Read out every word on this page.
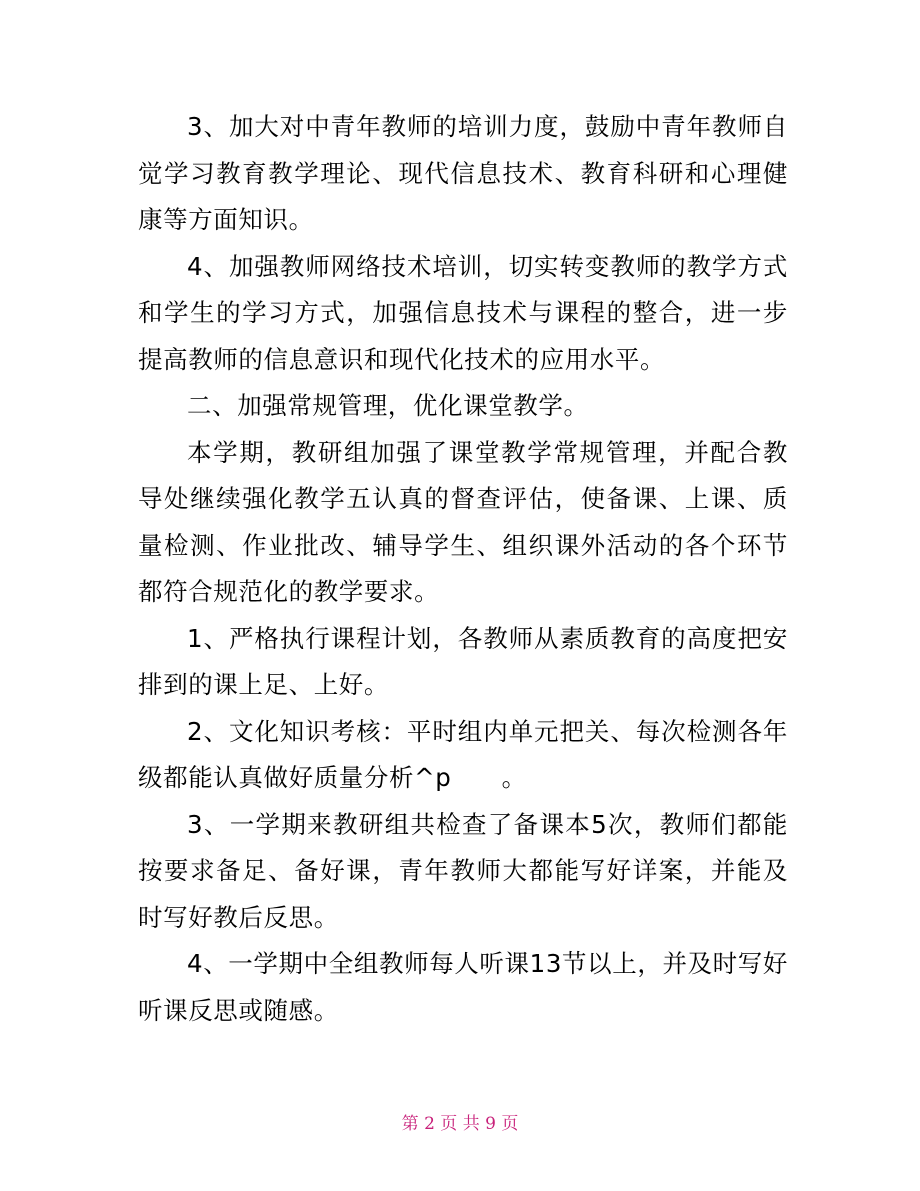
3、加大对中青年教师的培训力度，鼓励中青年教师自觉学习教育教学理论、现代信息技术、教育科研和心理健康等方面知识。

4、加强教师网络技术培训，切实转变教师的教学方式和学生的学习方式，加强信息技术与课程的整合，进一步提高教师的信息意识和现代化技术的应用水平。

二、加强常规管理，优化课堂教学。

本学期，教研组加强了课堂教学常规管理，并配合教导处继续强化教学五认真的督查评估，使备课、上课、质量检测、作业批改、辅导学生、组织课外活动的各个环节都符合规范化的教学要求。

1、严格执行课程计划，各教师从素质教育的高度把安排到的课上足、上好。

2、文化知识考核：平时组内单元把关、每次检测各年级都能认真做好质量分析^p　　。

3、一学期来教研组共检查了备课本5次，教师们都能按要求备足、备好课，青年教师大都能写好详案，并能及时写好教后反思。

4、一学期中全组教师每人听课13节以上，并及时写好听课反思或随感。

第 2 页 共 9 页
